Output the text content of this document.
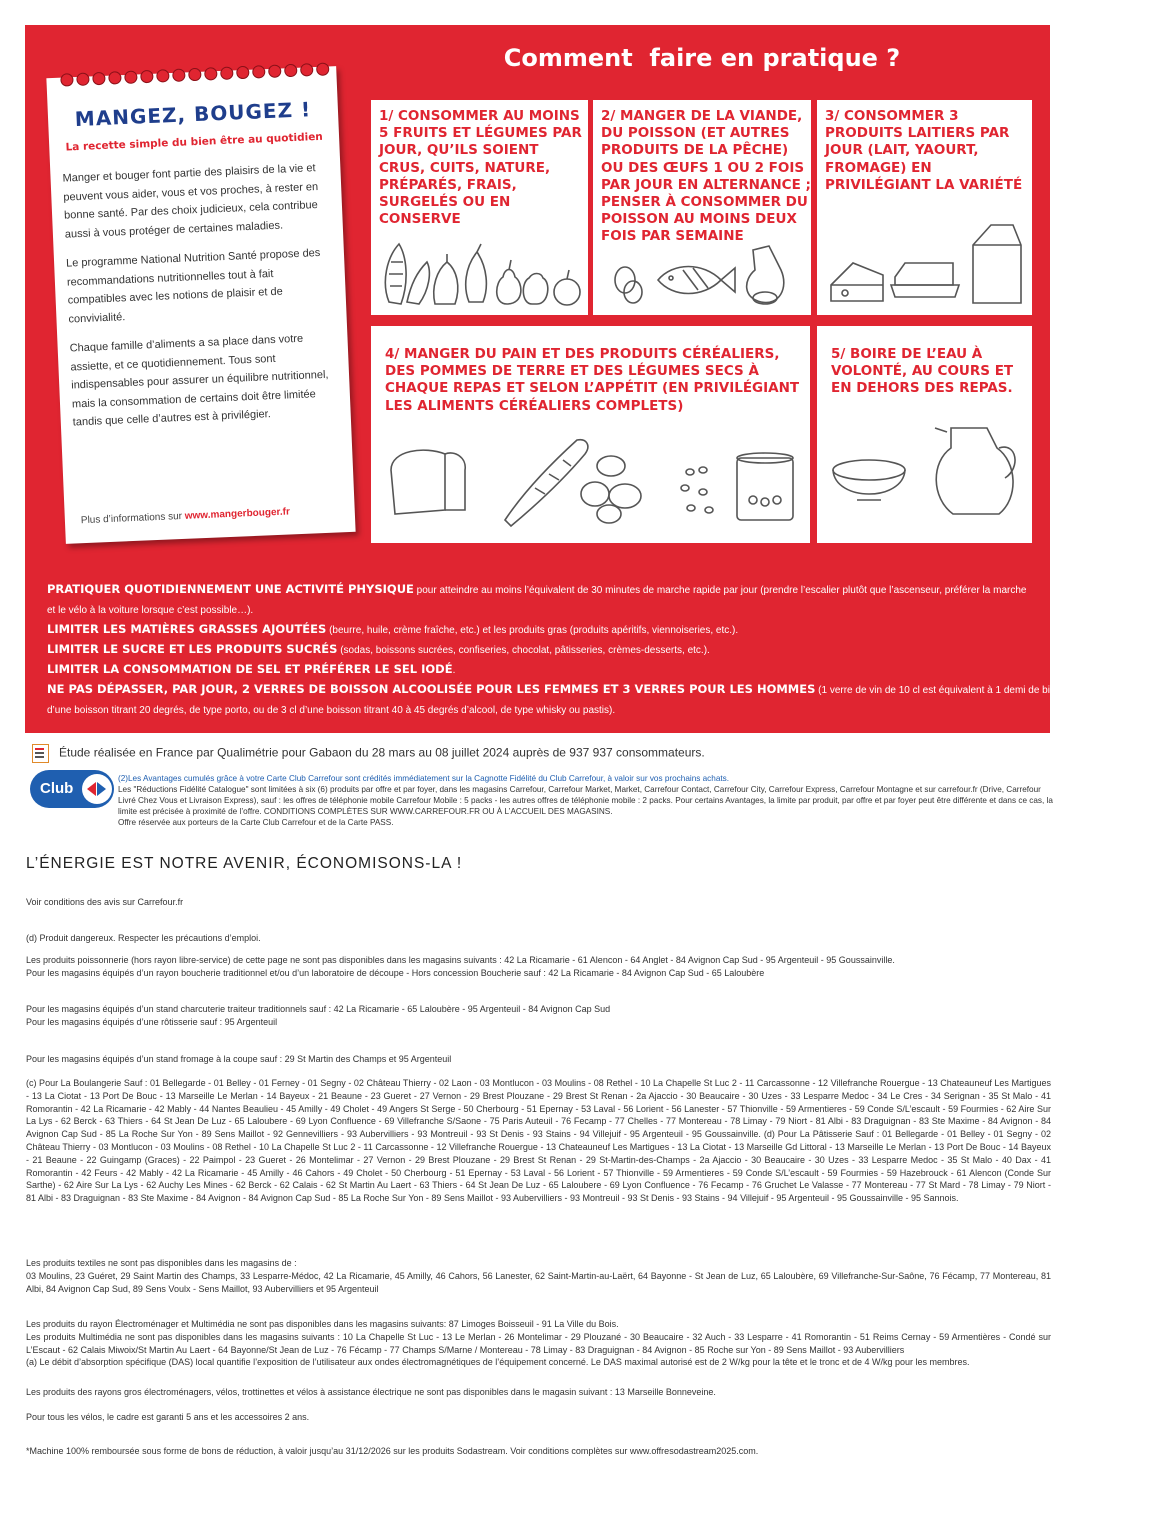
Comment  faire en pratique ?
MANGEZ, BOUGEZ !
La recette simple du bien être au quotidien

Manger et bouger font partie des plaisirs de la vie et peuvent vous aider, vous et vos proches, à rester en bonne santé. Par des choix judicieux, cela contribue aussi à vous protéger de certaines maladies.

Le programme National Nutrition Santé propose des recommandations nutritionnelles tout à fait compatibles avec les notions de plaisir et de convivialité.

Chaque famille d’aliments a sa place dans votre assiette, et ce quotidiennement. Tous sont indispensables pour assurer un équilibre nutritionnel, mais la consommation de certains doit être limitée tandis que celle d’autres est à privilégier.

Plus d’informations sur www.mangerbouger.fr
1/ CONSOMMER AU MOINS 5 FRUITS ET LÉGUMES PAR JOUR, QU’ILS SOIENT CRUS, CUITS, NATURE, PRÉPARÉS, FRAIS, SURGELÉS OU EN CONSERVE
2/ MANGER DE LA VIANDE, DU POISSON (ET AUTRES PRODUITS DE LA PÊCHE) OU DES ŒUFS 1 OU 2 FOIS PAR JOUR EN ALTERNANCE ; PENSER À CONSOMMER DU POISSON AU MOINS DEUX FOIS PAR SEMAINE
3/ CONSOMMER 3 PRODUITS LAITIERS PAR JOUR (LAIT, YAOURT, FROMAGE) EN PRIVILÉGIANT LA VARIÉTÉ
4/ MANGER DU PAIN ET DES PRODUITS CÉRÉALIERS, DES POMMES DE TERRE ET DES LÉGUMES SECS À CHAQUE REPAS ET SELON L’APPÉTIT (EN PRIVILÉGIANT LES ALIMENTS CÉRÉALIERS COMPLETS)
5/ BOIRE DE L’EAU À VOLONTÉ, AU COURS ET EN DEHORS DES REPAS.
PRATIQUER QUOTIDIENNEMENT UNE ACTIVITÉ PHYSIQUE pour atteindre au moins l’équivalent de 30 minutes de marche rapide par jour (prendre l’escalier plutôt que l’ascenseur, préférer la marche
et le vélo à la voiture lorsque c’est possible…).
LIMITER LES MATIÈRES GRASSES AJOUTÉES (beurre, huile, crème fraîche, etc.) et les produits gras (produits apéritifs, viennoiseries, etc.).
LIMITER LE SUCRE ET LES PRODUITS SUCRÉS (sodas, boissons sucrées, confiseries, chocolat, pâtisseries, crèmes-desserts, etc.).
LIMITER LA CONSOMMATION DE SEL ET PRÉFÉRER LE SEL IODÉ.
NE PAS DÉPASSER, PAR JOUR, 2 VERRES DE BOISSON ALCOOLISÉE POUR LES FEMMES ET 3 VERRES POUR LES HOMMES (1 verre de vin de 10 cl est équivalent à 1 demi de bière ou à 1 verre de 6 cl
d’une boisson titrant 20 degrés, de type porto, ou de 3 cl d’une boisson titrant 40 à 45 degrés d’alcool, de type whisky ou pastis).
Étude réalisée en France par Qualimétrie pour Gabaon du 28 mars au 08 juillet 2024 auprès de 937 937 consommateurs.
Club
(2)Les Avantages cumulés grâce à votre Carte Club Carrefour sont crédités immédiatement sur la Cagnotte Fidélité du Club Carrefour, à valoir sur vos prochains achats.
Les "Réductions Fidélité Catalogue" sont limitées à six (6) produits par offre et par foyer, dans les magasins Carrefour, Carrefour Market, Market, Carrefour Contact, Carrefour City, Carrefour Express, Carrefour Montagne et sur carrefour.fr (Drive, Carrefour Livré Chez Vous et Livraison Express), sauf : les offres de téléphonie mobile Carrefour Mobile : 5 packs - les autres offres de téléphonie mobile : 2 packs. Pour certains Avantages, la limite par produit, par offre et par foyer peut être différente et dans ce cas, la limite est précisée à proximité de l’offre. CONDITIONS COMPLÈTES SUR WWW.CARREFOUR.FR OU À L’ACCUEIL DES MAGASINS.
Offre réservée aux porteurs de la Carte Club Carrefour et de la Carte PASS.
L’ÉNERGIE EST NOTRE AVENIR, ÉCONOMISONS-LA !
Voir conditions des avis sur Carrefour.fr
(d) Produit dangereux. Respecter les précautions d’emploi.
Les produits poissonnerie (hors rayon libre-service) de cette page ne sont pas disponibles dans les magasins suivants : 42 La Ricamarie - 61 Alencon - 64 Anglet - 84 Avignon Cap Sud - 95 Argenteuil - 95 Goussainville.
Pour les magasins équipés d’un rayon boucherie traditionnel et/ou d’un laboratoire de découpe - Hors concession Boucherie sauf : 42 La Ricamarie - 84 Avignon Cap Sud - 65 Laloubère
Pour les magasins équipés d’un stand charcuterie traiteur traditionnels sauf : 42 La Ricamarie - 65 Laloubère - 95 Argenteuil - 84 Avignon Cap Sud
Pour les magasins équipés d’une rôtisserie sauf : 95 Argenteuil
Pour les magasins équipés d’un stand fromage à la coupe sauf : 29 St Martin des Champs et 95 Argenteuil
(c) Pour La Boulangerie Sauf : 01 Bellegarde - 01 Belley - 01 Ferney - 01 Segny - 02 Château Thierry - 02 Laon - 03 Montlucon - 03 Moulins - 08 Rethel - 10 La Chapelle St Luc 2 - 11 Carcassonne - 12 Villefranche Rouergue - 13 Chateauneuf Les Martigues - 13 La Ciotat - 13 Port De Bouc - 13 Marseille Le Merlan - 14 Bayeux - 21 Beaune - 23 Gueret - 27 Vernon - 29 Brest Plouzane - 29 Brest St Renan - 2a Ajaccio - 30 Beaucaire - 30 Uzes - 33 Lesparre Medoc - 34 Le Cres - 34 Serignan - 35 St Malo - 41 Romorantin - 42 La Ricamarie - 42 Mably - 44 Nantes Beaulieu - 45 Amilly - 49 Cholet - 49 Angers St Serge - 50 Cherbourg - 51 Epernay - 53 Laval - 56 Lorient - 56 Lanester - 57 Thionville - 59 Armentieres - 59 Conde S/L’escault - 59 Fourmies - 62 Aire Sur La Lys - 62 Berck - 63 Thiers - 64 St Jean De Luz - 65 Laloubere - 69 Lyon Confluence - 69 Villefranche S/Saone - 75 Paris Auteuil - 76 Fecamp - 77 Chelles - 77 Montereau - 78 Limay - 79 Niort - 81 Albi - 83 Draguignan - 83 Ste Maxime - 84 Avignon - 84 Avignon Cap Sud - 85 La Roche Sur Yon - 89 Sens Maillot - 92 Gennevilliers - 93 Aubervilliers - 93 Montreuil - 93 St Denis - 93 Stains - 94 Villejuif - 95 Argenteuil - 95 Goussainville. (d) Pour La Pâtisserie Sauf : 01 Bellegarde - 01 Belley - 01 Segny - 02 Château Thierry - 03 Montlucon - 03 Moulins - 08 Rethel - 10 La Chapelle St Luc 2 - 11 Carcassonne - 12 Villefranche Rouergue - 13 Chateauneuf Les Martigues - 13 La Ciotat - 13 Marseille Gd Littoral - 13 Marseille Le Merlan - 13 Port De Bouc - 14 Bayeux - 21 Beaune - 22 Guingamp (Graces) - 22 Paimpol - 23 Gueret - 26 Montelimar - 27 Vernon - 29 Brest Plouzane - 29 Brest St Renan - 29 St-Martin-des-Champs - 2a Ajaccio - 30 Beaucaire - 30 Uzes - 33 Lesparre Medoc - 35 St Malo - 40 Dax - 41 Romorantin - 42 Feurs - 42 Mably - 42 La Ricamarie - 45 Amilly - 46 Cahors - 49 Cholet - 50 Cherbourg - 51 Epernay - 53 Laval - 56 Lorient - 57 Thionville - 59 Armentieres - 59 Conde S/L’escault - 59 Fourmies - 59 Hazebrouck - 61 Alencon (Conde Sur Sarthe) - 62 Aire Sur La Lys - 62 Auchy Les Mines - 62 Berck - 62 Calais - 62 St Martin Au Laert - 63 Thiers - 64 St Jean De Luz - 65 Laloubere - 69 Lyon Confluence - 76 Fecamp - 76 Gruchet Le Valasse - 77 Montereau - 77 St Mard - 78 Limay - 79 Niort - 81 Albi - 83 Draguignan - 83 Ste Maxime - 84 Avignon - 84 Avignon Cap Sud - 85 La Roche Sur Yon - 89 Sens Maillot - 93 Aubervilliers - 93 Montreuil - 93 St Denis - 93 Stains - 94 Villejuif - 95 Argenteuil - 95 Goussainville - 95 Sannois.
Les produits textiles ne sont pas disponibles dans les magasins de :
03 Moulins, 23 Guéret, 29 Saint Martin des Champs, 33 Lesparre-Médoc, 42 La Ricamarie, 45 Amilly, 46 Cahors, 56 Lanester, 62 Saint-Martin-au-Laërt, 64 Bayonne - St Jean de Luz, 65 Laloubère, 69 Villefranche-Sur-Saône, 76 Fécamp, 77 Montereau, 81 Albi, 84 Avignon Cap Sud, 89 Sens Voulx - Sens Maillot, 93 Aubervilliers et 95 Argenteuil
Les produits du rayon Électroménager et Multimédia ne sont pas disponibles dans les magasins suivants: 87 Limoges Boisseuil - 91 La Ville du Bois.
Les produits Multimédia ne sont pas disponibles dans les magasins suivants : 10 La Chapelle St Luc - 13 Le Merlan - 26 Montelimar - 29 Plouzané - 30 Beaucaire - 32 Auch - 33 Lesparre - 41 Romorantin - 51 Reims Cernay - 59 Armentières - Condé sur L’Escaut - 62 Calais Miwoix/St Martin Au Laert - 64 Bayonne/St Jean de Luz - 76 Fécamp - 77 Champs S/Marne / Montereau - 78 Limay - 83 Draguignan - 84 Avignon - 85 Roche sur Yon - 89 Sens Maillot - 93 Aubervilliers
(a) Le débit d’absorption spécifique (DAS) local quantifie l’exposition de l’utilisateur aux ondes électromagnétiques de l’équipement concerné. Le DAS maximal autorisé est de 2 W/kg pour la tête et le tronc et de 4 W/kg pour les membres.
Les produits des rayons gros électroménagers, vélos, trottinettes et vélos à assistance électrique ne sont pas disponibles dans le magasin suivant : 13 Marseille Bonneveine.
Pour tous les vélos, le cadre est garanti 5 ans et les accessoires 2 ans.
*Machine 100% remboursée sous forme de bons de réduction, à valoir jusqu’au 31/12/2026 sur les produits Sodastream. Voir conditions complètes sur www.offresodastream2025.com.
